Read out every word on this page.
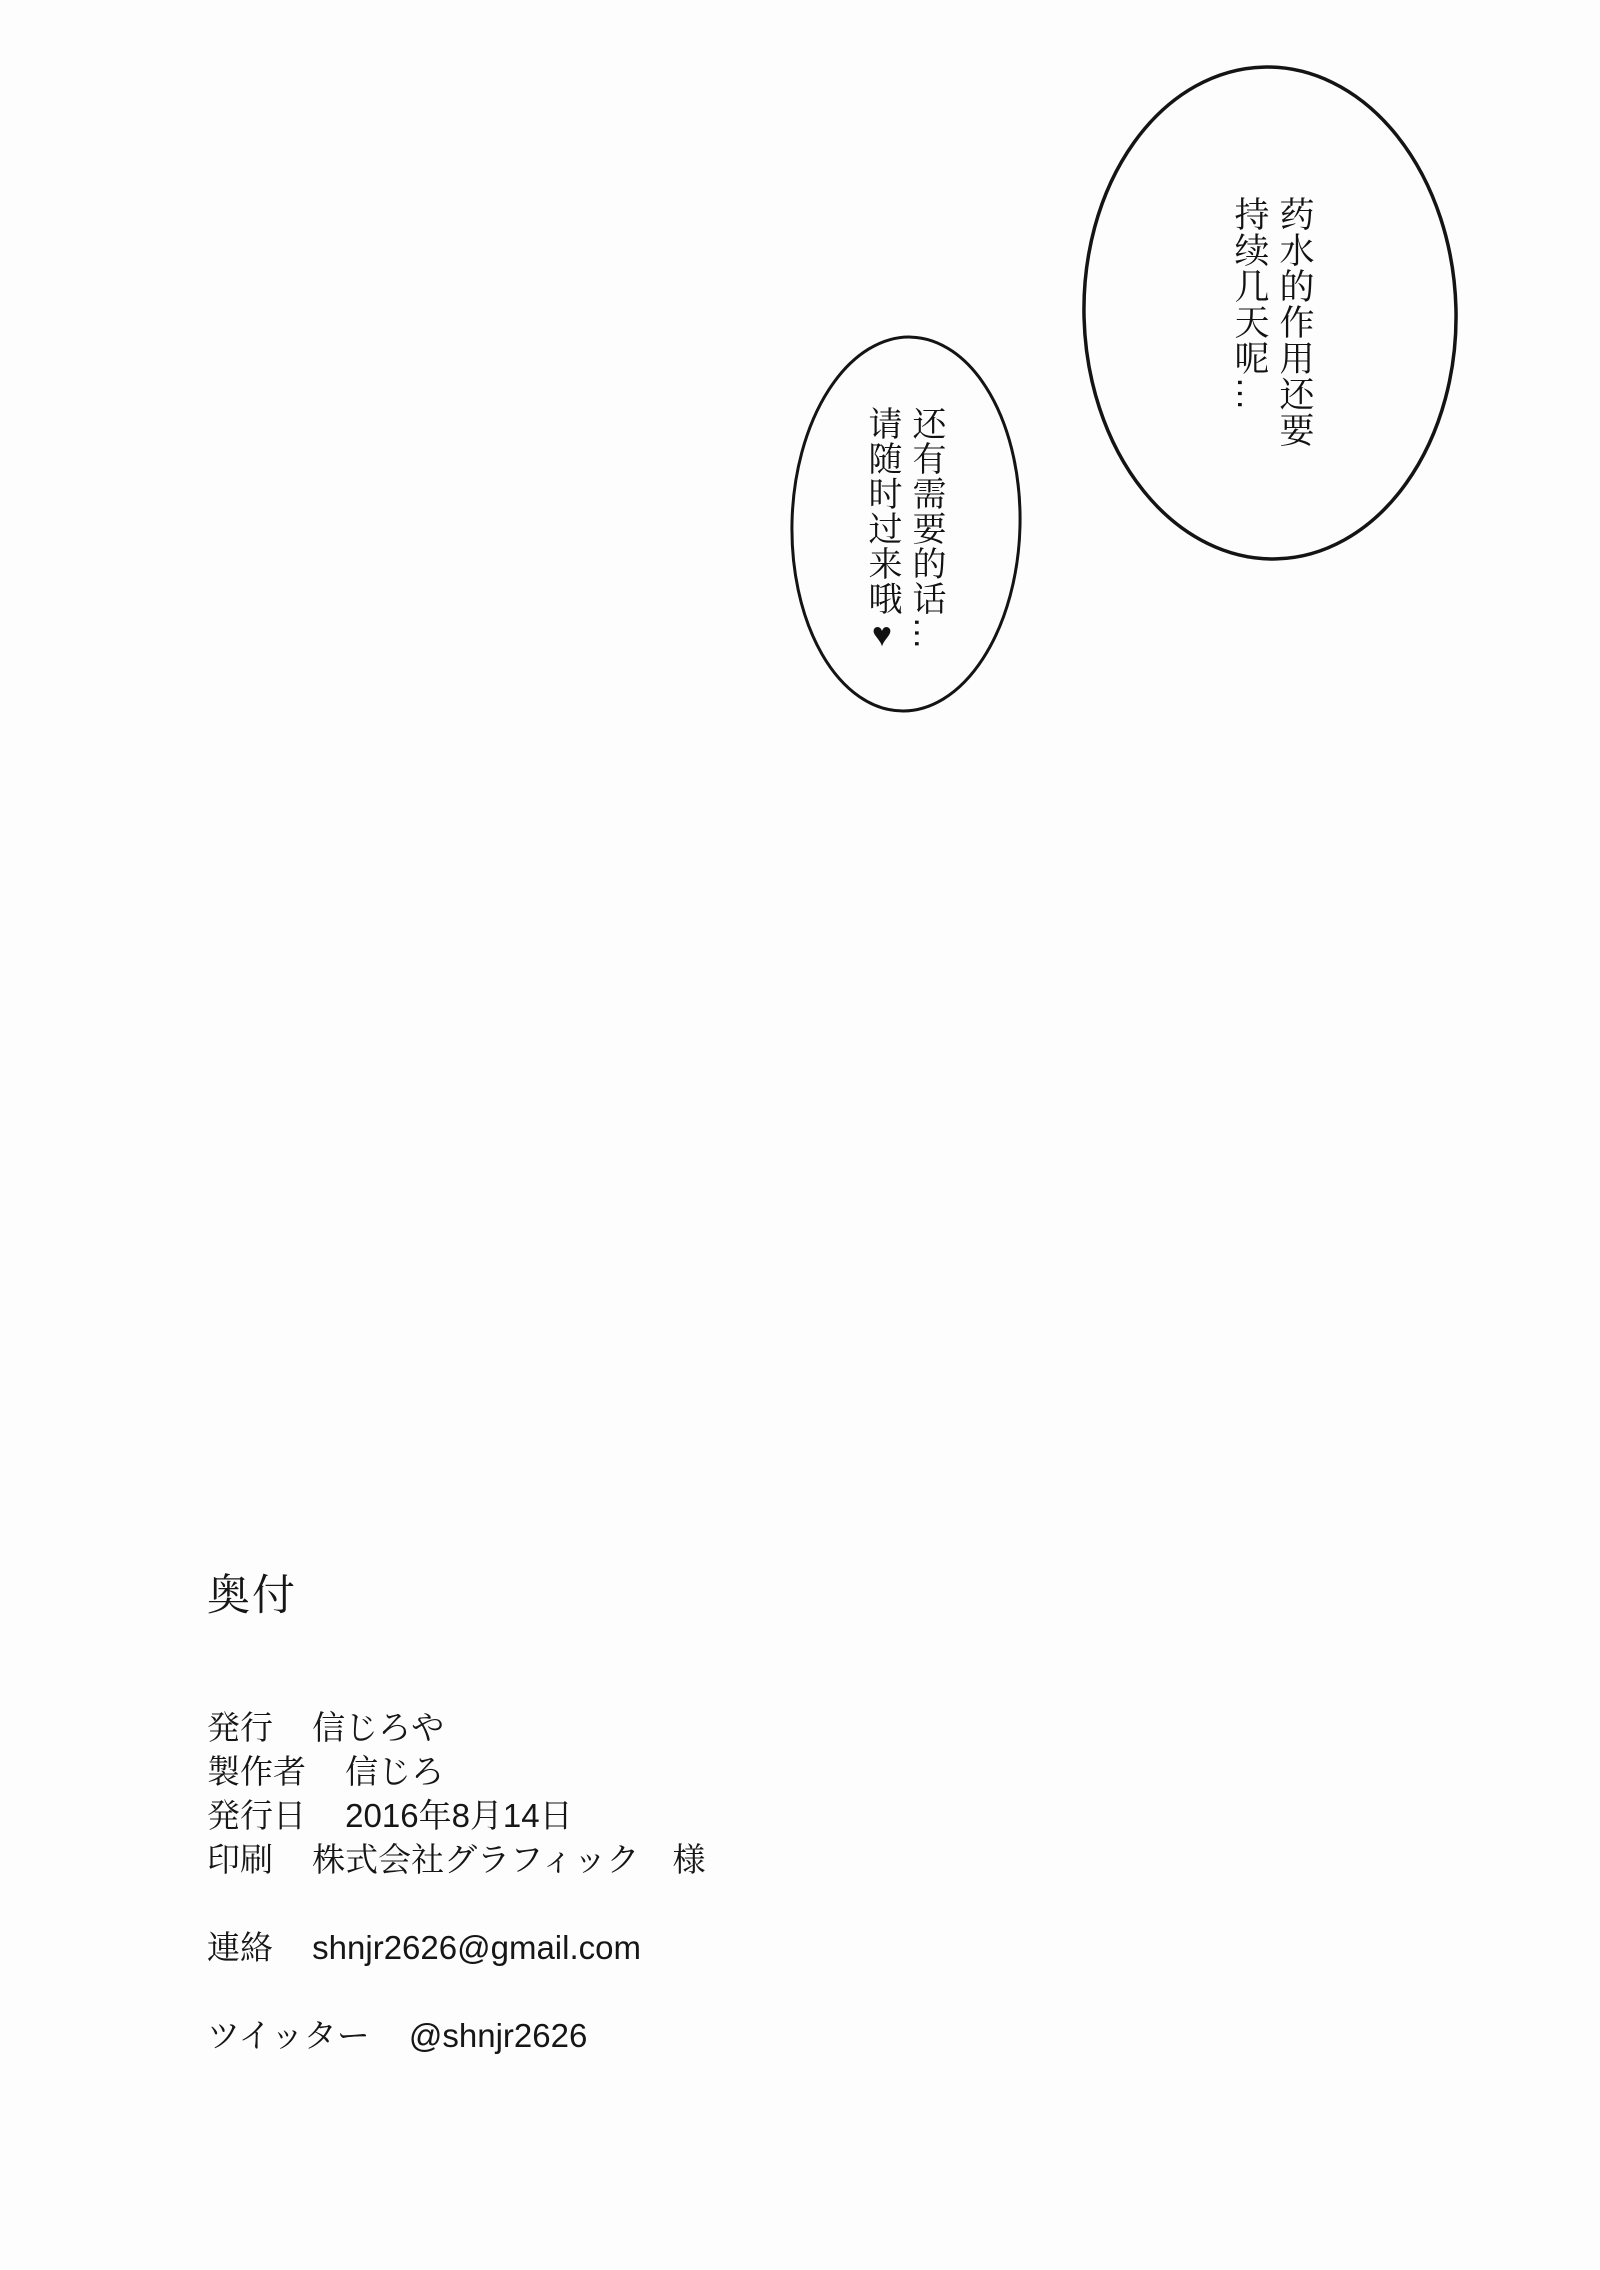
药水的作用还要
持续几天呢…
还有需要的话…
请随时过来哦♥
奥付
発行 信じろや
製作者 信じろ
発行日 2016年8月14日
印刷 株式会社グラフィック　様
連絡 shnjr2626@gmail.com
ツイッター @shnjr2626
